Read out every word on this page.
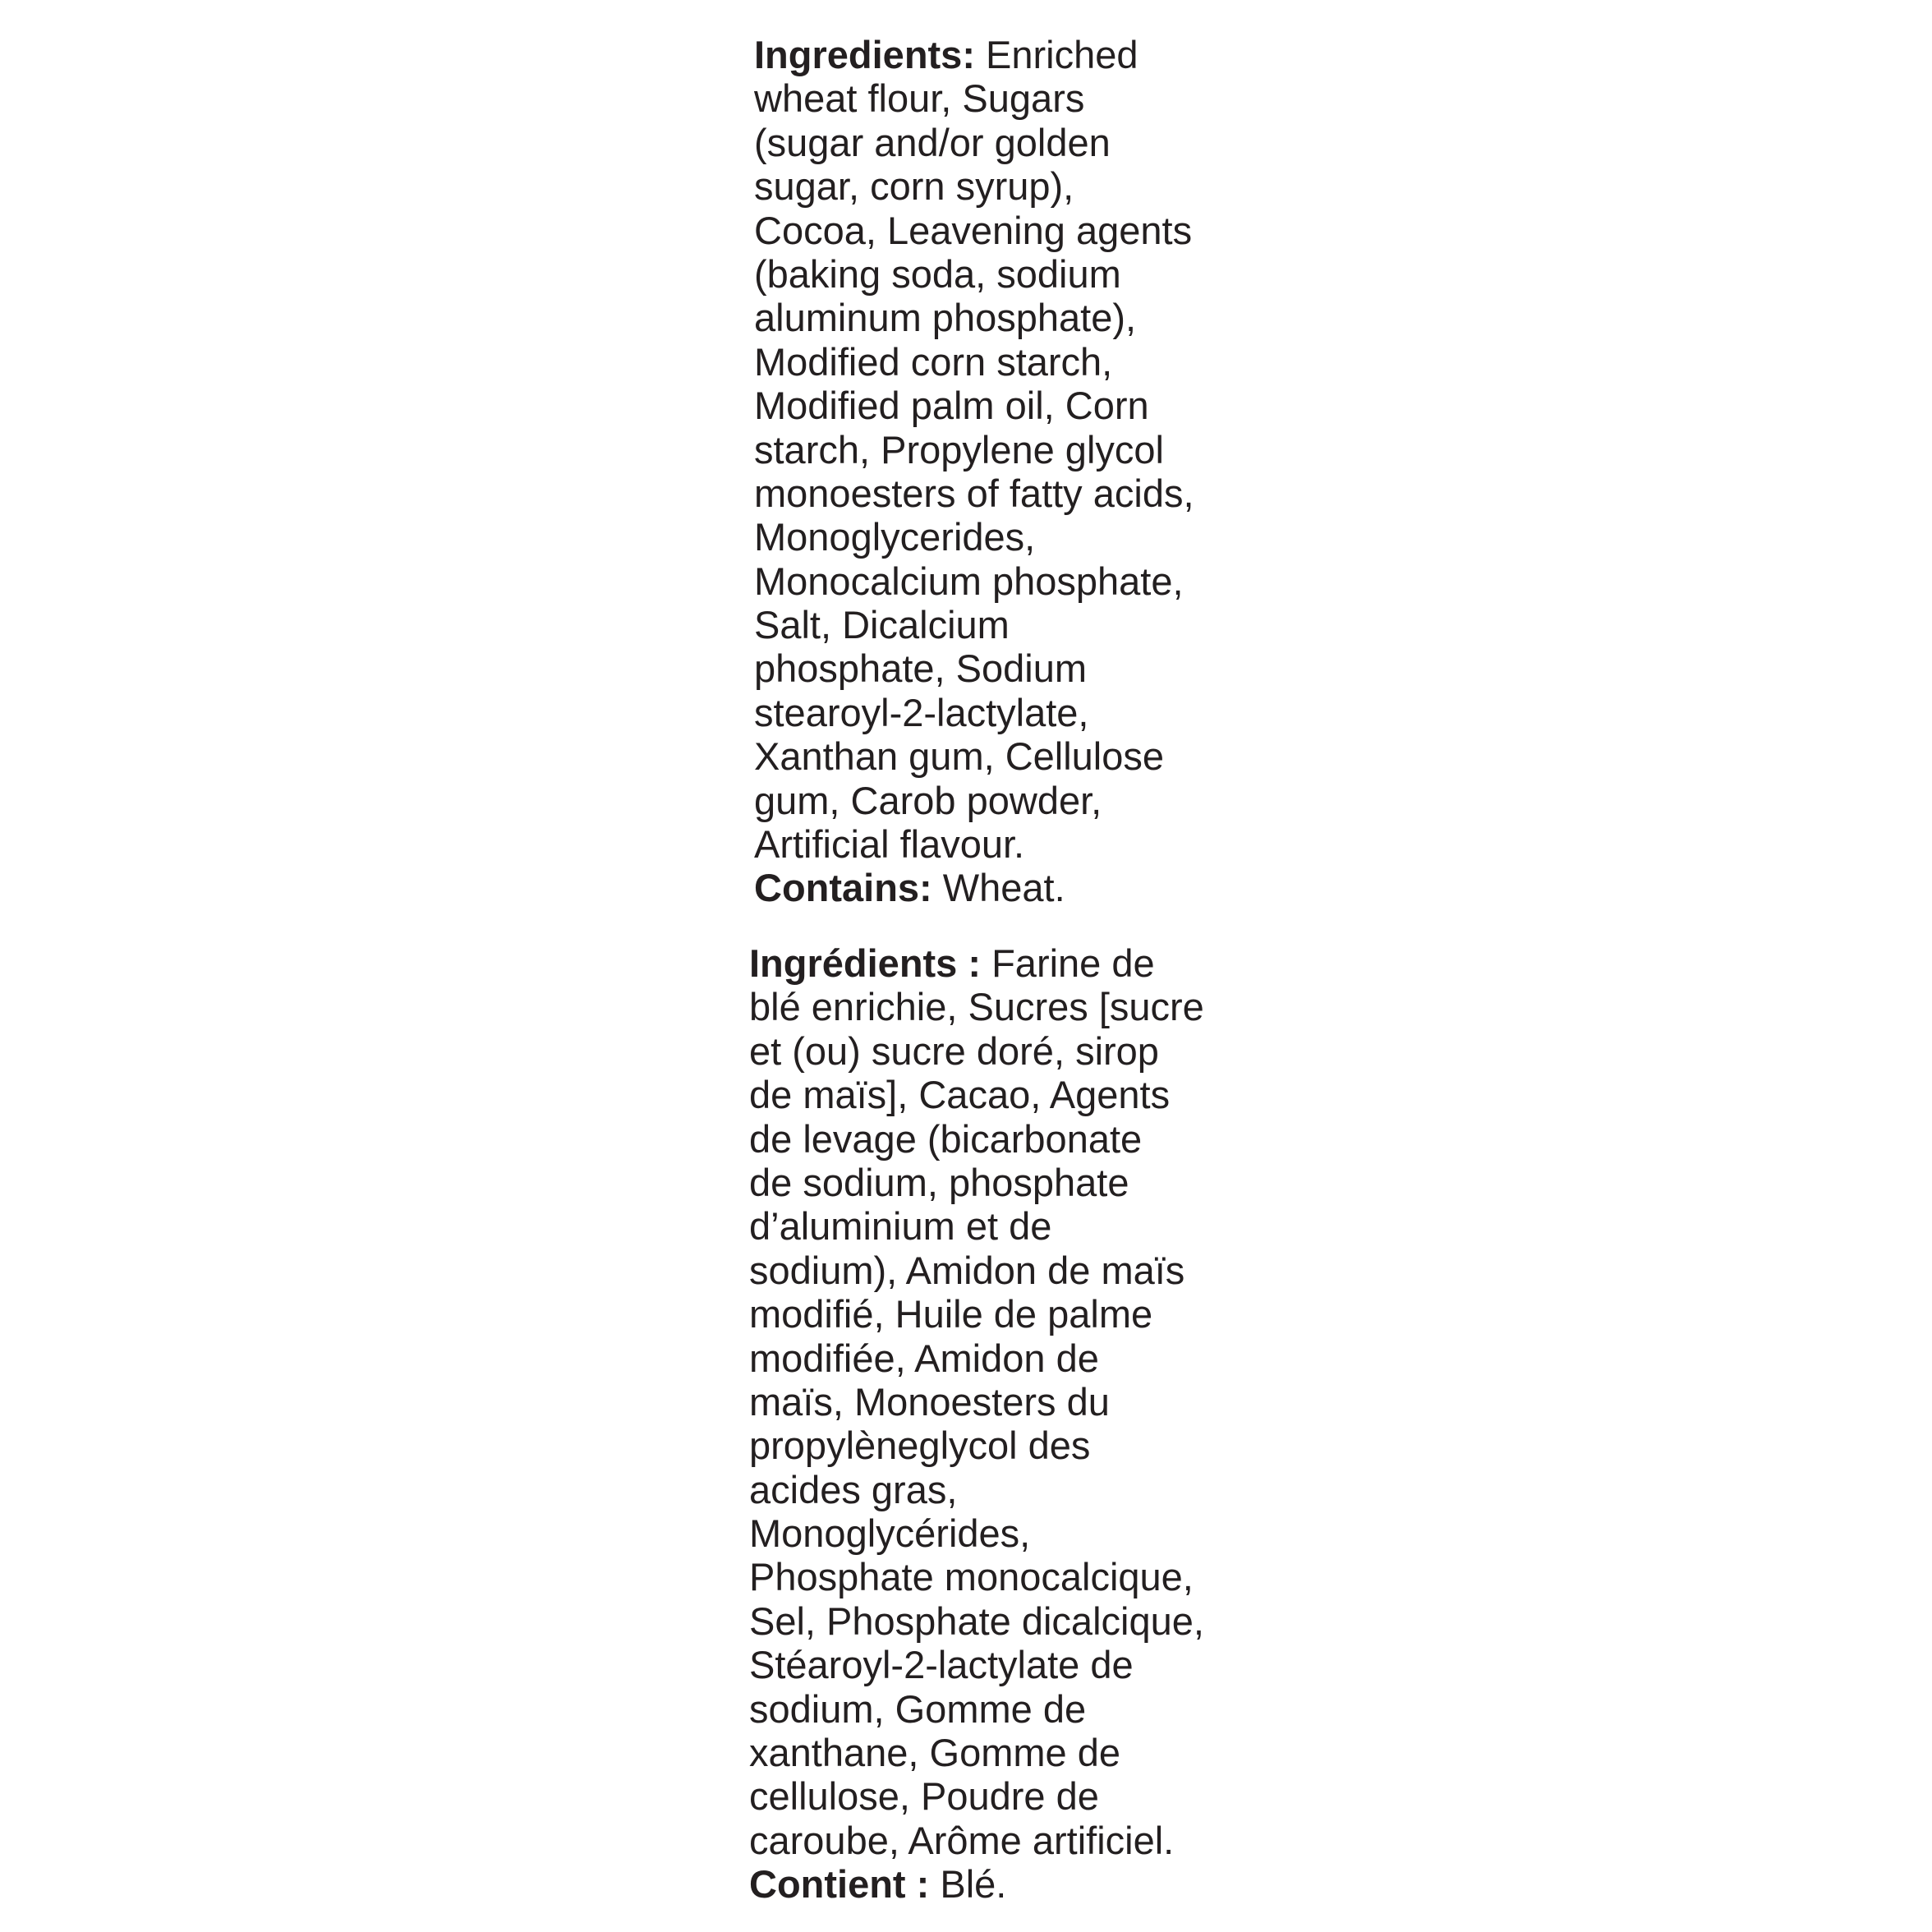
Ingredients: Enriched
wheat flour, Sugars
(sugar and/or golden
sugar, corn syrup),
Cocoa, Leavening agents
(baking soda, sodium
aluminum phosphate),
Modified corn starch,
Modified palm oil, Corn
starch, Propylene glycol
monoesters of fatty acids,
Monoglycerides,
Monocalcium phosphate,
Salt, Dicalcium
phosphate, Sodium
stearoyl-2-lactylate,
Xanthan gum, Cellulose
gum, Carob powder,
Artificial flavour.
Contains: Wheat.
Ingrédients : Farine de
blé enrichie, Sucres [sucre
et (ou) sucre doré, sirop
de maïs], Cacao, Agents
de levage (bicarbonate
de sodium, phosphate
d’aluminium et de
sodium), Amidon de maïs
modifié, Huile de palme
modifiée, Amidon de
maïs, Monoesters du
propylèneglycol des
acides gras,
Monoglycérides,
Phosphate monocalcique,
Sel, Phosphate dicalcique,
Stéaroyl-2-lactylate de
sodium, Gomme de
xanthane, Gomme de
cellulose, Poudre de
caroube, Arôme artificiel.
Contient : Blé.
